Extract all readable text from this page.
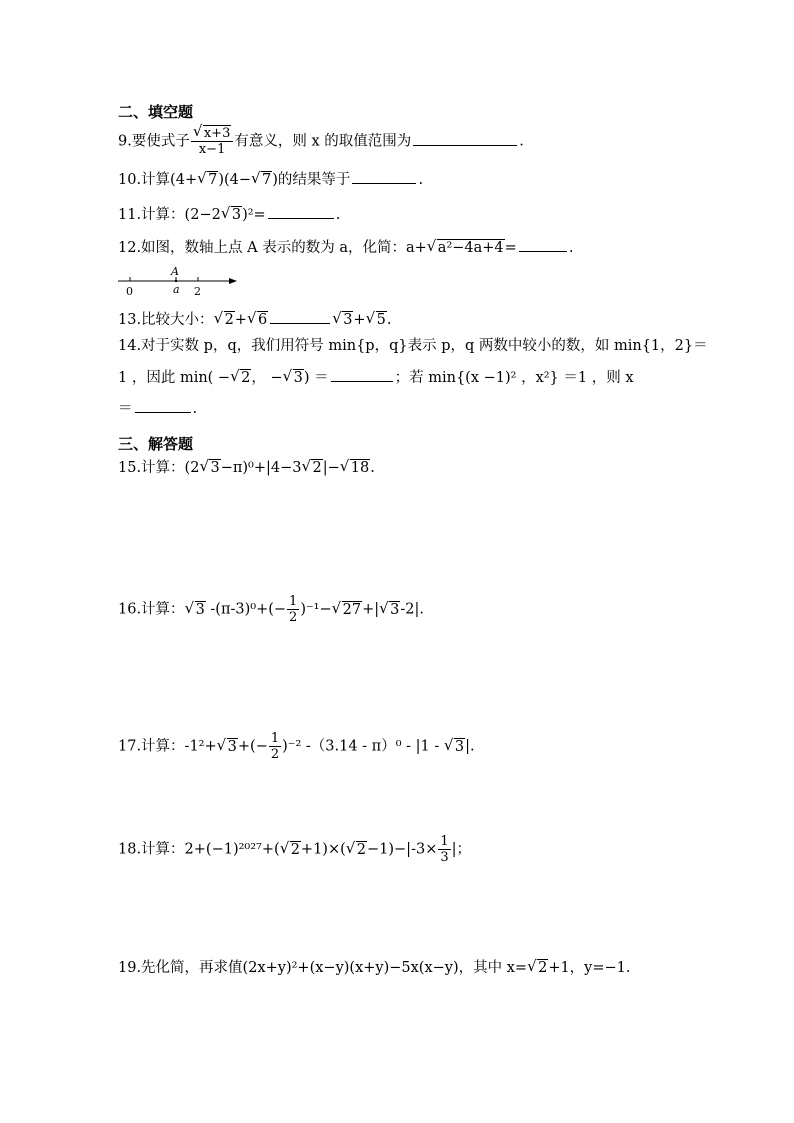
二、填空题
9.要使式子
√ $\frac{x+3}{x-1}$ 有意义，则 x 的取值范围为	.
10.计算(4+√ 7)(4−√ 7)的结果等于	.
11.计算：(2−2√ 3)²=	.
12.如图，数轴上点 A 表示的数为 a，化简：a+√ a²−4a+4=	.
A
a
0	2
13.比较大小：√ 2+√ 6√	3+√ 5.
14.对于实数 p，q，我们用符号 min{p，q}表示 p，q 两数中较小的数，如 min{1，2}＝
1 ，因此 min( −√ 2， −√ 3) ＝	；若 min{(x −1)² ，x²} ＝1 ，则 x
＝	.
三、解答题
15.计算：(2√ 3−π)⁰+|4−3√ 2|−√ 18.
16.计算：√ 3 $-(\pi-3)^0+(- \frac{1}{2} )^{-1}-√$ 27+|√ 3-2|.
17.计算：-1²+√ $3+(- \frac{1}{2} )^{-2}$ -（3.14 - π）⁰ - |1 - √ 3|.
18.计算：2+(−1)²⁰²⁷+(√ 2+1)×(√ $2-1)-|-3\times \frac{1}{3}$ |；
19.先化简，再求值(2x+y)²+(x−y)(x+y)−5x(x−y)，其中 x=√ 2+1，y=−1.
